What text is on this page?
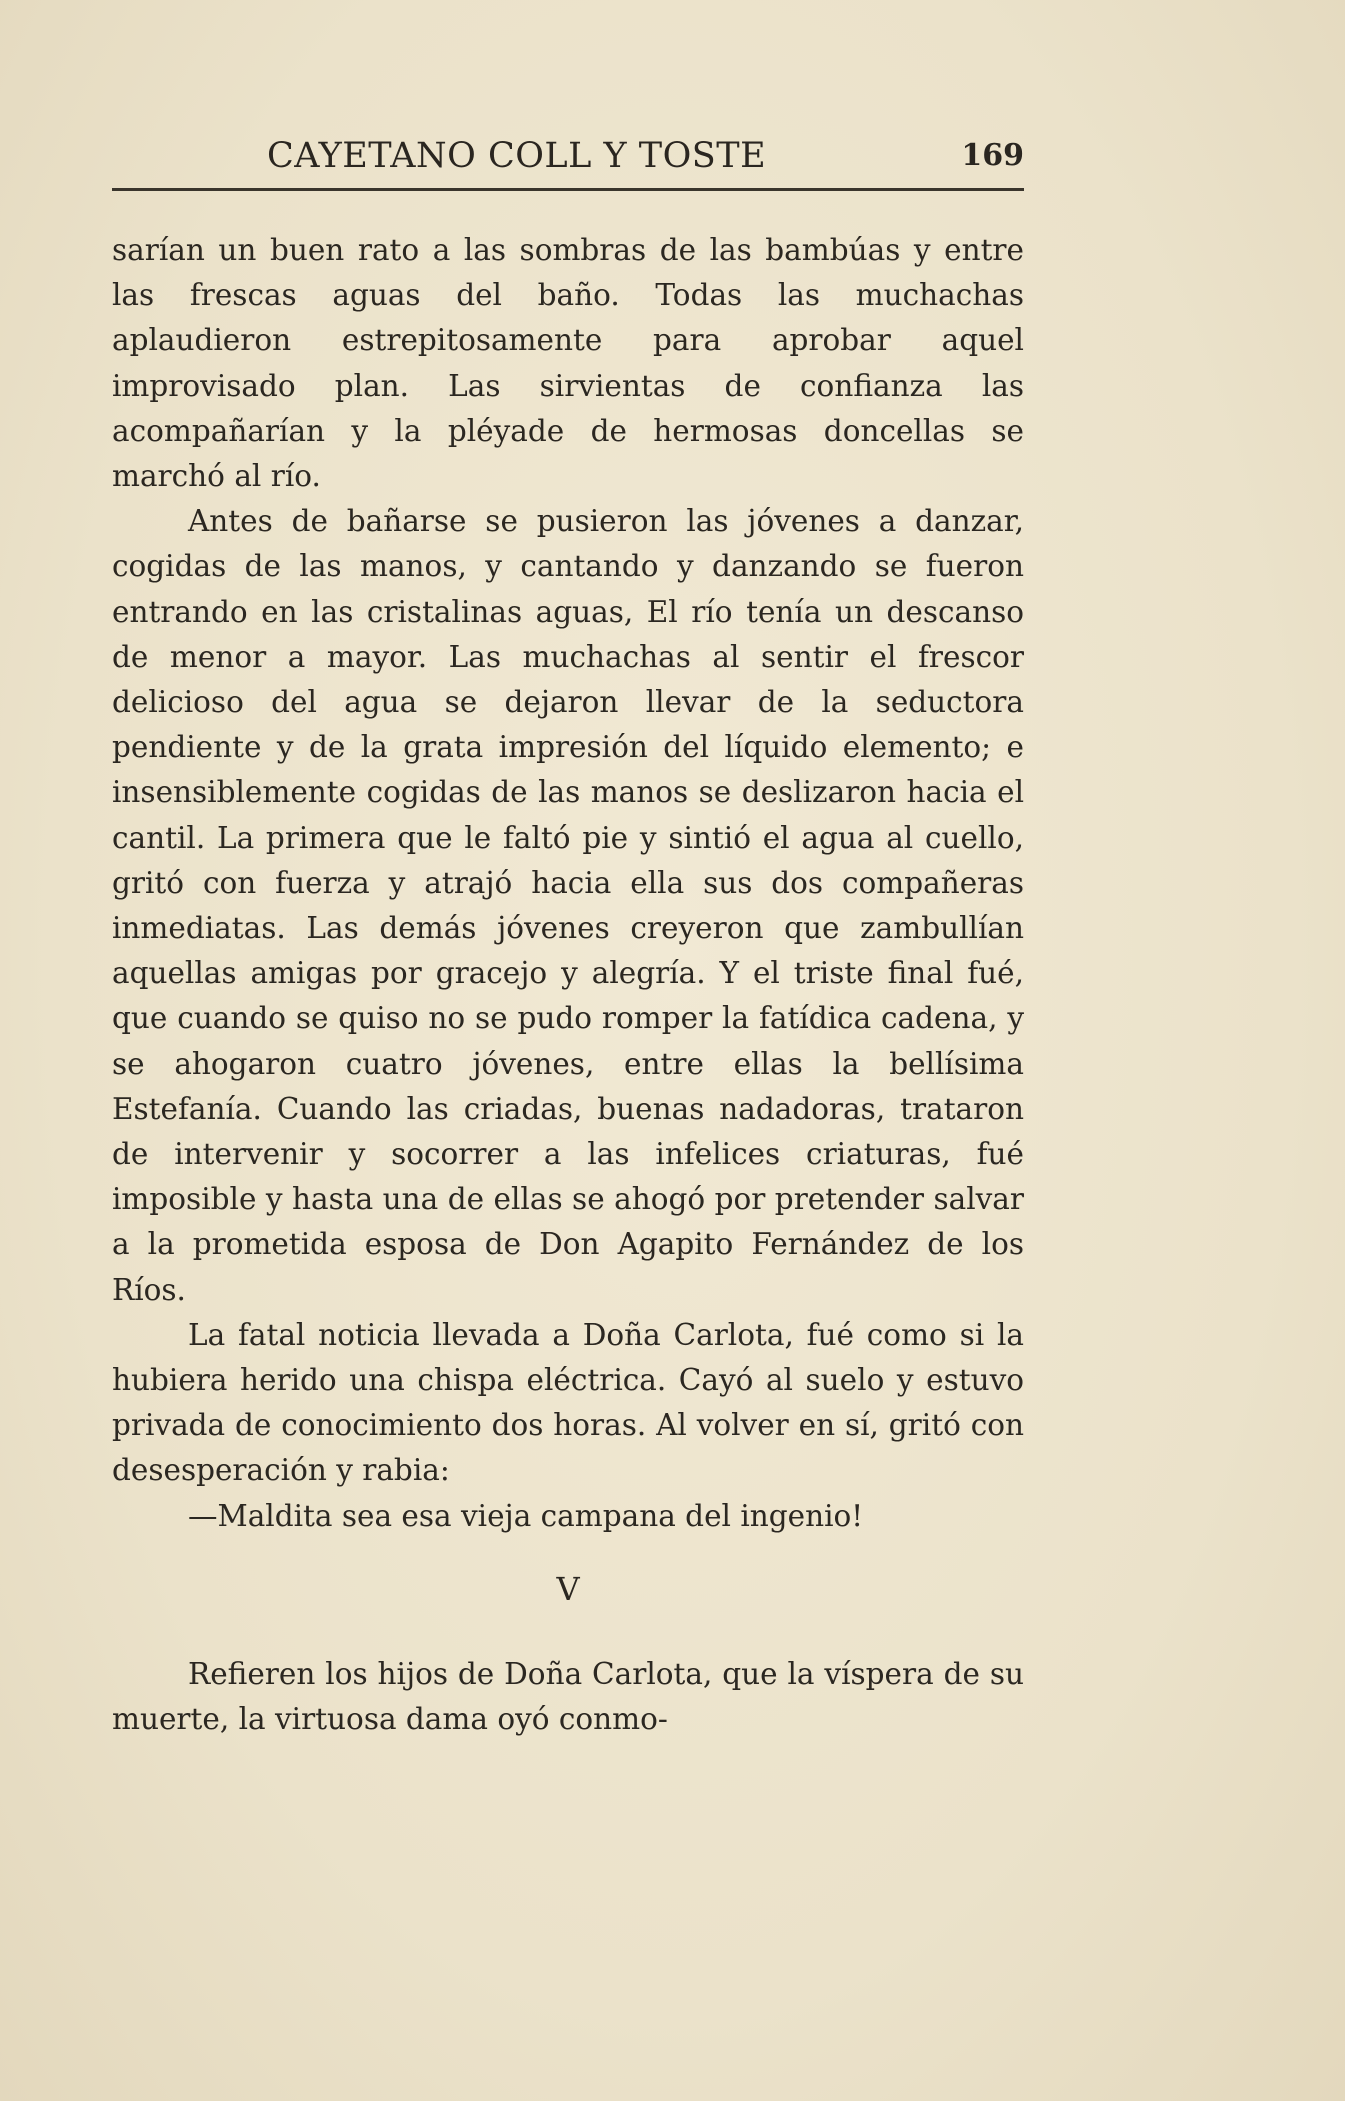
CAYETANO COLL Y TOSTE	169

sarían un buen rato a las sombras de las bambúas y entre las frescas aguas del baño. Todas las muchachas aplaudieron estrepitosamente para aprobar aquel improvisado plan. Las sirvientas de confianza las acompañarían y la pléyade de hermosas doncellas se marchó al río.

Antes de bañarse se pusieron las jóvenes a danzar, cogidas de las manos, y cantando y danzando se fueron entrando en las cristalinas aguas, El río tenía un descanso de menor a mayor. Las muchachas al sentir el frescor delicioso del agua se dejaron llevar de la seductora pendiente y de la grata impresión del líquido elemento; e insensiblemente cogidas de las manos se deslizaron hacia el cantil. La primera que le faltó pie y sintió el agua al cuello, gritó con fuerza y atrajó hacia ella sus dos compañeras inmediatas. Las demás jóvenes creyeron que zambullían aquellas amigas por gracejo y alegría. Y el triste final fué, que cuando se quiso no se pudo romper la fatídica cadena, y se ahogaron cuatro jóvenes, entre ellas la bellísima Estefanía. Cuando las criadas, buenas nadadoras, trataron de intervenir y socorrer a las infelices criaturas, fué imposible y hasta una de ellas se ahogó por pretender salvar a la prometida esposa de Don Agapito Fernández de los Ríos.

La fatal noticia llevada a Doña Carlota, fué como si la hubiera herido una chispa eléctrica. Cayó al suelo y estuvo privada de conocimiento dos horas. Al volver en sí, gritó con desesperación y rabia:

—Maldita sea esa vieja campana del ingenio!

V

Refieren los hijos de Doña Carlota, que la víspera de su muerte, la virtuosa dama oyó conmo-
